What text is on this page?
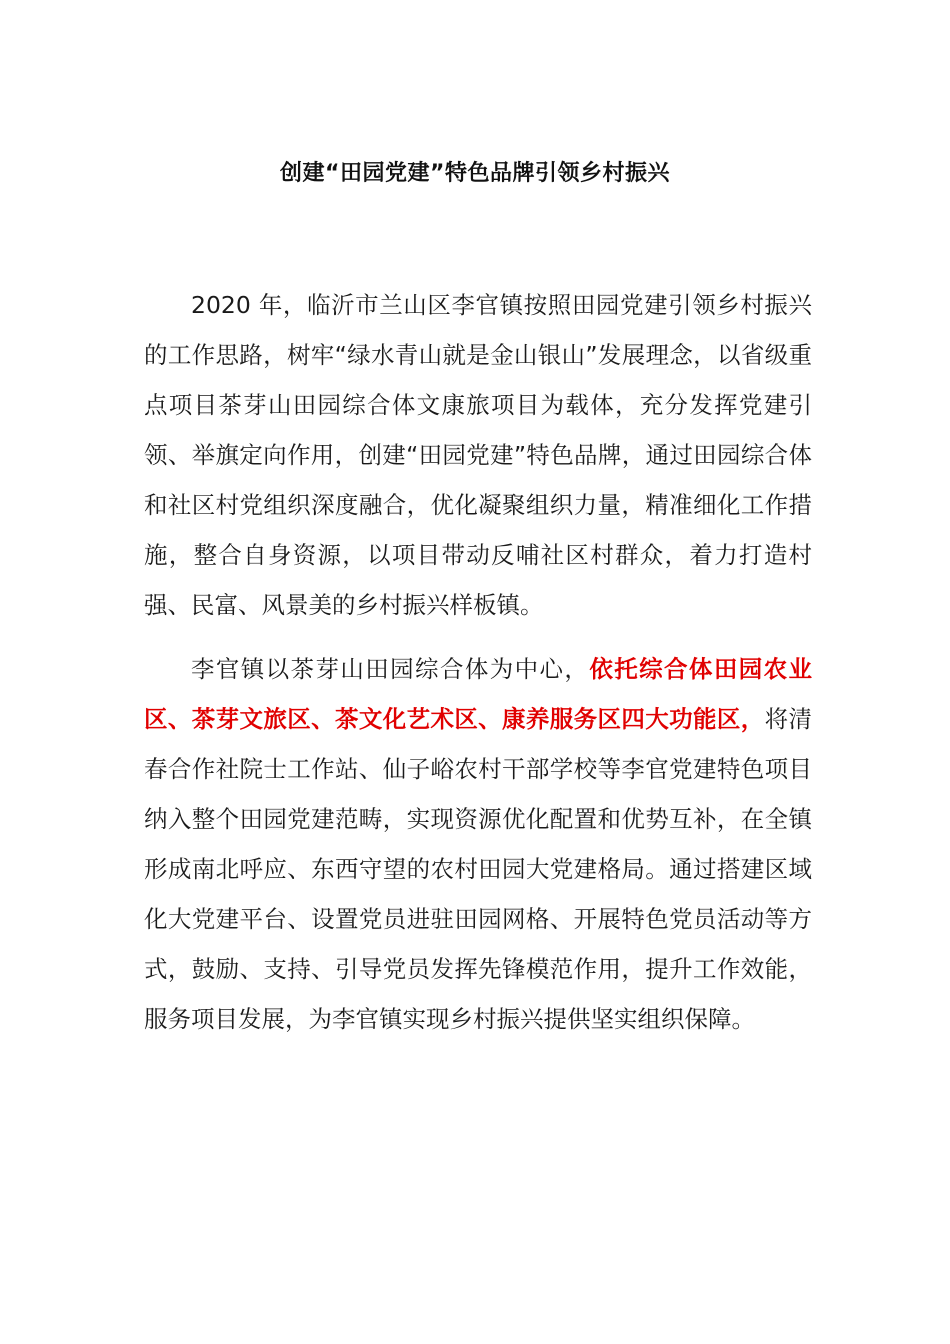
创建“田园党建”特色品牌引领乡村振兴

2020 年，临沂市兰山区李官镇按照田园党建引领乡村振兴的工作思路，树牢“绿水青山就是金山银山”发展理念，以省级重点项目茶芽山田园综合体文康旅项目为载体，充分发挥党建引领、举旗定向作用，创建“田园党建”特色品牌，通过田园综合体和社区村党组织深度融合，优化凝聚组织力量，精准细化工作措施，整合自身资源，以项目带动反哺社区村群众，着力打造村强、民富、风景美的乡村振兴样板镇。

李官镇以茶芽山田园综合体为中心，依托综合体田园农业区、茶芽文旅区、茶文化艺术区、康养服务区四大功能区，将清春合作社院士工作站、仙子峪农村干部学校等李官党建特色项目纳入整个田园党建范畴，实现资源优化配置和优势互补，在全镇形成南北呼应、东西守望的农村田园大党建格局。通过搭建区域化大党建平台、设置党员进驻田园网格、开展特色党员活动等方式，鼓励、支持、引导党员发挥先锋模范作用，提升工作效能，服务项目发展，为李官镇实现乡村振兴提供坚实组织保障。
